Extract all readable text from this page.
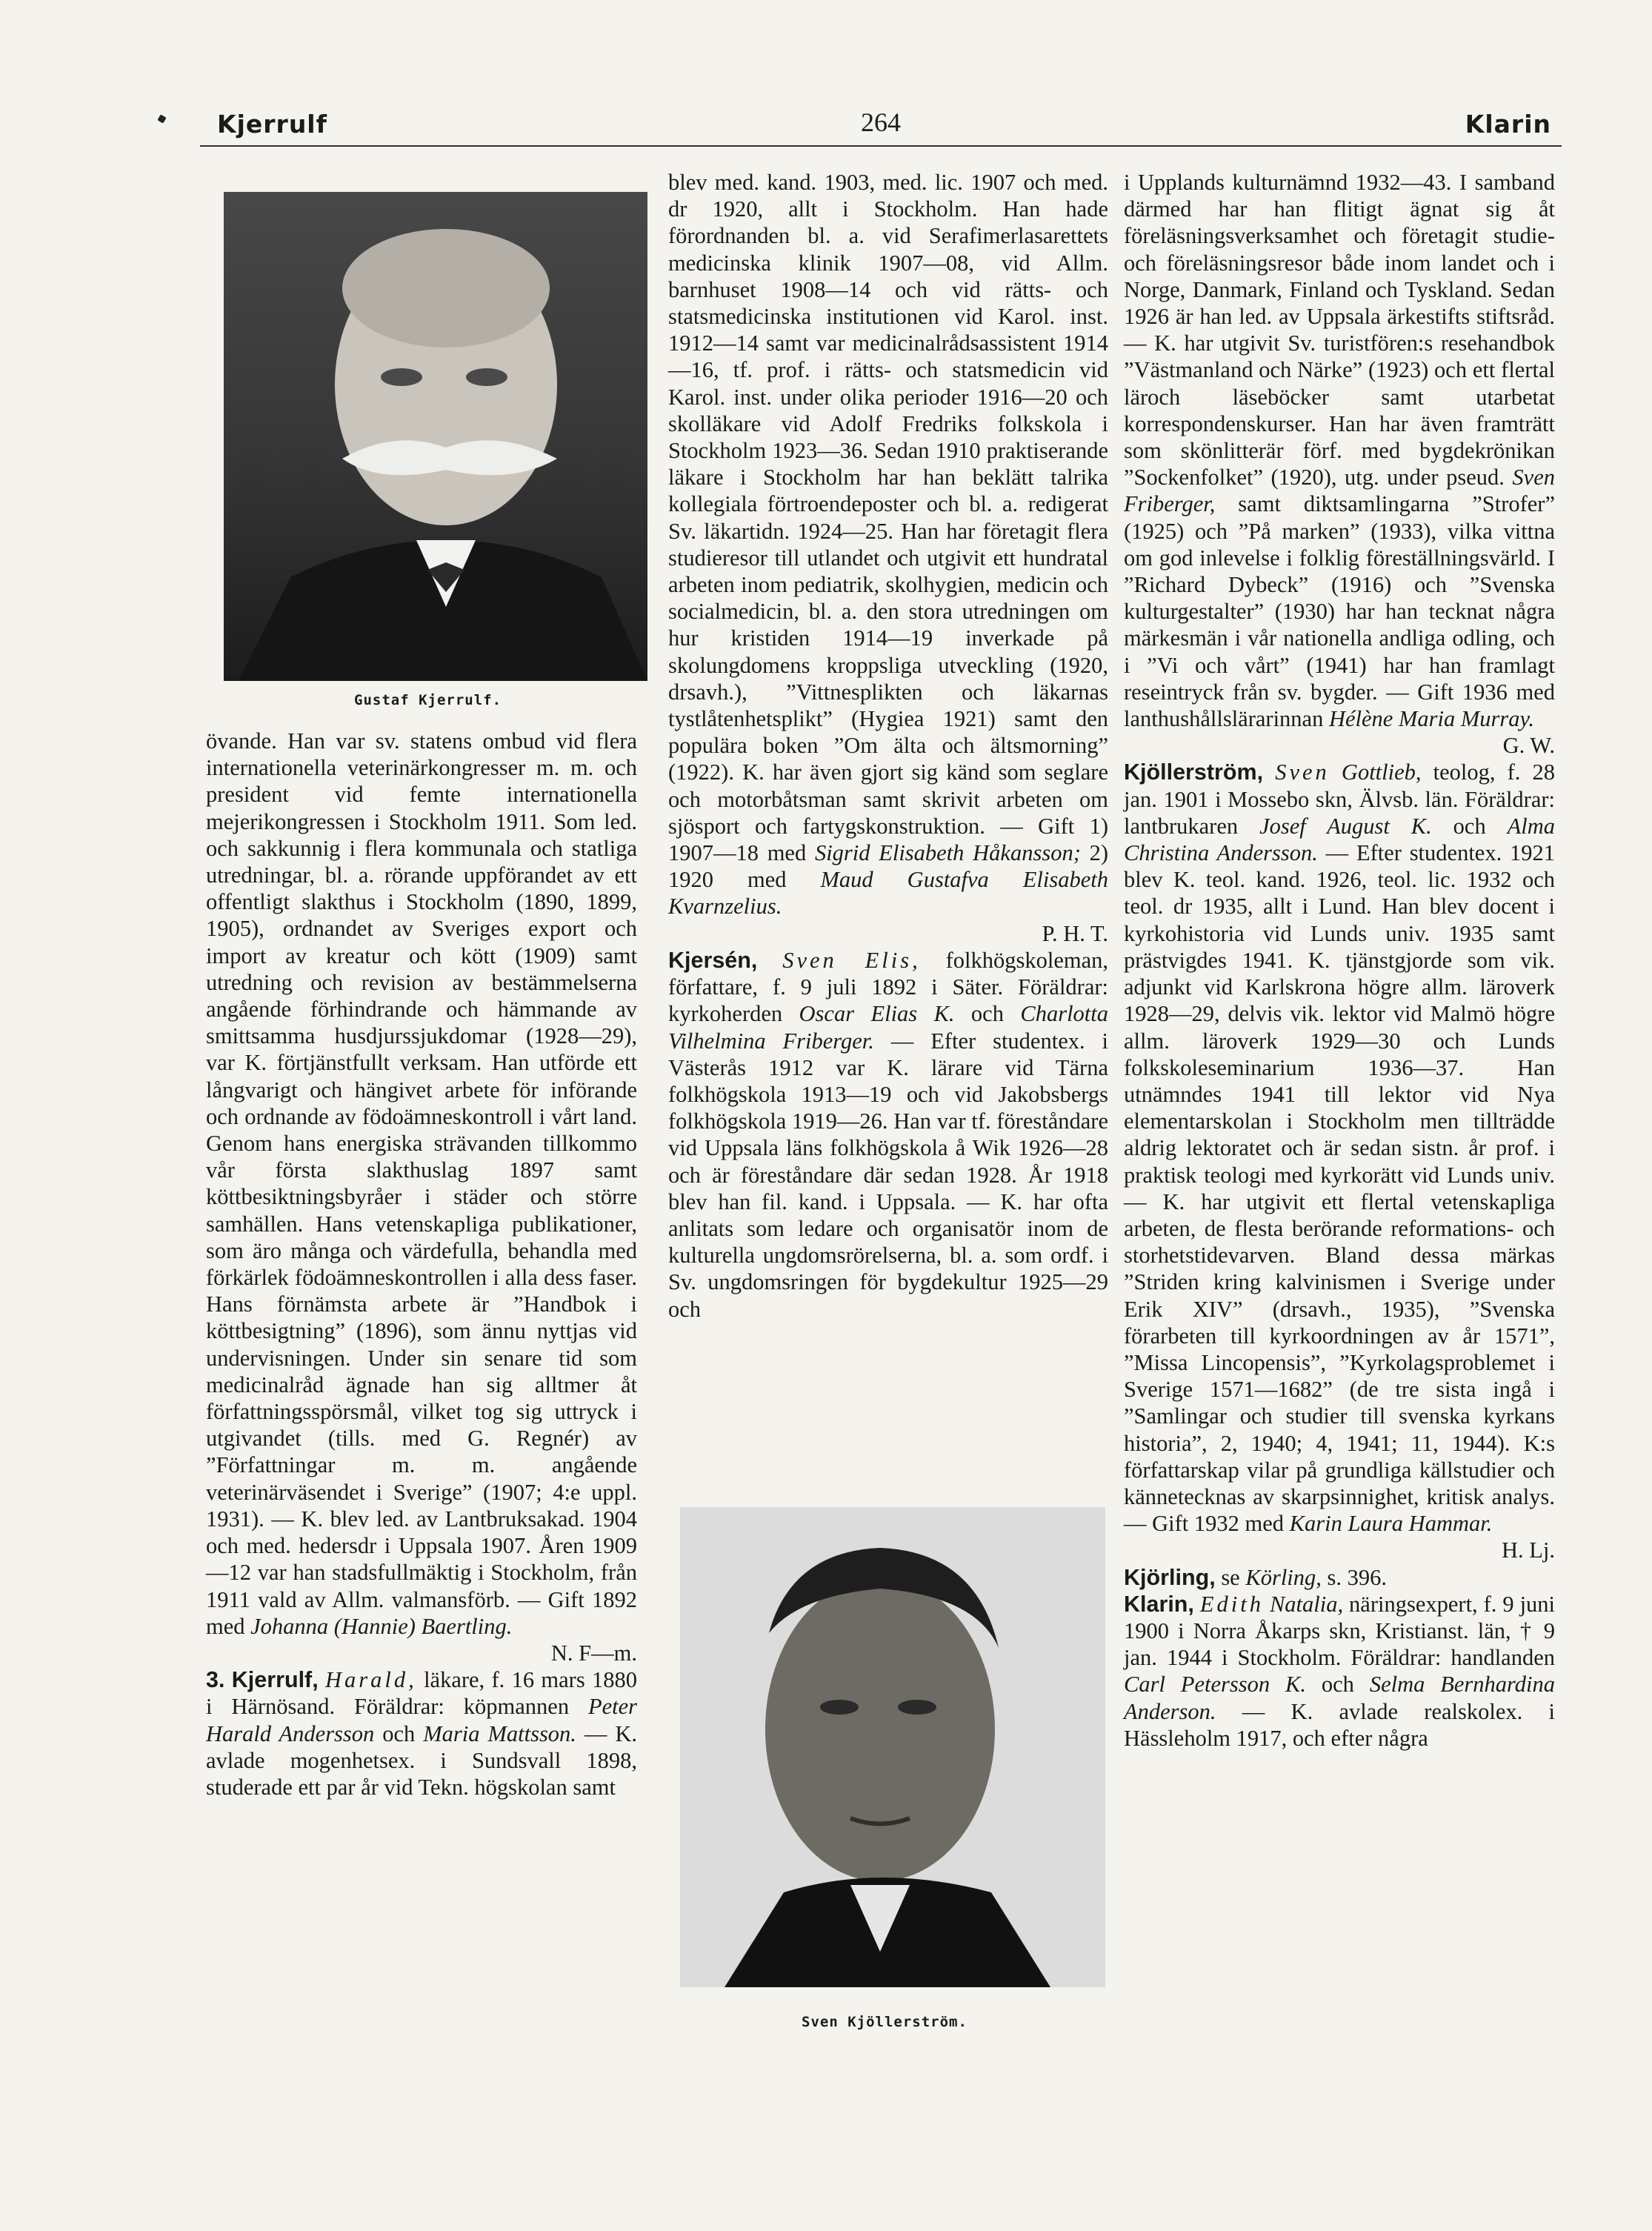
Kjerrulf	264	Klarin
Gustaf Kjerrulf.

övande. Han var sv. statens ombud vid flera internationella veterinärkongresser m. m. och president vid femte internationella mejerikongressen i Stockholm 1911. Som led. och sakkunnig i flera kommunala och statliga utredningar, bl. a. rörande uppförandet av ett offentligt slakthus i Stockholm (1890, 1899, 1905), ordnandet av Sveriges export och import av kreatur och kött (1909) samt utredning och revision av bestämmelserna angående förhindrande och hämmande av smittsamma husdjurssjukdomar (1928—29), var K. förtjänstfullt verksam. Han utförde ett långvarigt och hängivet arbete för införande och ordnande av födoämneskontroll i vårt land. Genom hans energiska strävanden tillkommo vår första slakthuslag 1897 samt köttbesiktningsbyråer i städer och större samhällen. Hans vetenskapliga publikationer, som äro många och värdefulla, behandla med förkärlek födoämneskontrollen i alla dess faser. Hans förnämsta arbete är ”Handbok i köttbesigtning” (1896), som ännu nyttjas vid undervisningen. Under sin senare tid som medicinalråd ägnade han sig alltmer åt författningsspörsmål, vilket tog sig uttryck i utgivandet (tills. med G. Regnér) av ”Författningar m. m. angående veterinärväsendet i Sverige” (1907; 4:e uppl. 1931). — K. blev led. av Lantbruksakad. 1904 och med. hedersdr i Uppsala 1907. Åren 1909—12 var han stadsfullmäktig i Stockholm, från 1911 vald av Allm. valmansförb. — Gift 1892 med Johanna (Hannie) Baertling.
N. F—m.

3. Kjerrulf, Harald, läkare, f. 16 mars 1880 i Härnösand. Föräldrar: köpmannen Peter Harald Andersson och Maria Mattsson. — K. avlade mogenhetsex. i Sundsvall 1898, studerade ett par år vid Tekn. högskolan samt

blev med. kand. 1903, med. lic. 1907 och med. dr 1920, allt i Stockholm. Han hade förordnanden bl. a. vid Serafimerlasarettets medicinska klinik 1907—08, vid Allm. barnhuset 1908—14 och vid rätts- och statsmedicinska institutionen vid Karol. inst. 1912—14 samt var medicinalrådsassistent 1914—16, tf. prof. i rätts- och statsmedicin vid Karol. inst. under olika perioder 1916—20 och skolläkare vid Adolf Fredriks folkskola i Stockholm 1923—36. Sedan 1910 praktiserande läkare i Stockholm har han beklätt talrika kollegiala förtroendeposter och bl. a. redigerat Sv. läkartidn. 1924—25. Han har företagit flera studieresor till utlandet och utgivit ett hundratal arbeten inom pediatrik, skolhygien, medicin och socialmedicin, bl. a. den stora utredningen om hur kristiden 1914—19 inverkade på skolungdomens kroppsliga utveckling (1920, drsavh.), ”Vittnesplikten och läkarnas tystlåtenhetsplikt” (Hygiea 1921) samt den populära boken ”Om älta och ältsmorning” (1922). K. har även gjort sig känd som seglare och motorbåtsman samt skrivit arbeten om sjösport och fartygskonstruktion. — Gift 1) 1907—18 med Sigrid Elisabeth Håkansson; 2) 1920 med Maud Gustafva Elisabeth Kvarnzelius.
P. H. T.

Kjersén, Sven Elis, folkhögskoleman, författare, f. 9 juli 1892 i Säter. Föräldrar: kyrkoherden Oscar Elias K. och Charlotta Vilhelmina Friberger. — Efter studentex. i Västerås 1912 var K. lärare vid Tärna folkhögskola 1913—19 och vid Jakobsbergs folkhögskola 1919—26. Han var tf. föreståndare vid Uppsala läns folkhögskola å Wik 1926—28 och är föreståndare där sedan 1928. År 1918 blev han fil. kand. i Uppsala. — K. har ofta anlitats som ledare och organisatör inom de kulturella ungdomsrörelserna, bl. a. som ordf. i Sv. ungdomsringen för bygdekultur 1925—29 och

Sven Kjöllerström.

i Upplands kulturnämnd 1932—43. I samband därmed har han flitigt ägnat sig åt föreläsningsverksamhet och företagit studie- och föreläsningsresor både inom landet och i Norge, Danmark, Finland och Tyskland. Sedan 1926 är han led. av Uppsala ärkestifts stiftsråd. — K. har utgivit Sv. turistfören:s resehandbok ”Västmanland och Närke” (1923) och ett flertal läroch läseböcker samt utarbetat korrespondenskurser. Han har även framträtt som skönlitterär förf. med bygdekrönikan ”Sockenfolket” (1920), utg. under pseud. Sven Friberger, samt diktsamlingarna ”Strofer” (1925) och ”På marken” (1933), vilka vittna om god inlevelse i folklig föreställningsvärld. I ”Richard Dybeck” (1916) och ”Svenska kulturgestalter” (1930) har han tecknat några märkesmän i vår nationella andliga odling, och i ”Vi och vårt” (1941) har han framlagt reseintryck från sv. bygder. — Gift 1936 med lanthushållslärarinnan Hélène Maria Murray.
G. W.

Kjöllerström, Sven Gottlieb, teolog, f. 28 jan. 1901 i Mossebo skn, Älvsb. län. Föräldrar: lantbrukaren Josef August K. och Alma Christina Andersson. — Efter studentex. 1921 blev K. teol. kand. 1926, teol. lic. 1932 och teol. dr 1935, allt i Lund. Han blev docent i kyrkohistoria vid Lunds univ. 1935 samt prästvigdes 1941. K. tjänstgjorde som vik. adjunkt vid Karlskrona högre allm. läroverk 1928—29, delvis vik. lektor vid Malmö högre allm. läroverk 1929—30 och Lunds folkskoleseminarium 1936—37. Han utnämndes 1941 till lektor vid Nya elementarskolan i Stockholm men tillträdde aldrig lektoratet och är sedan sistn. år prof. i praktisk teologi med kyrkorätt vid Lunds univ. — K. har utgivit ett flertal vetenskapliga arbeten, de flesta berörande reformations- och storhetstidevarven. Bland dessa märkas ”Striden kring kalvinismen i Sverige under Erik XIV” (drsavh., 1935), ”Svenska förarbeten till kyrkoordningen av år 1571”, ”Missa Lincopensis”, ”Kyrkolagsproblemet i Sverige 1571—1682” (de tre sista ingå i ”Samlingar och studier till svenska kyrkans historia”, 2, 1940; 4, 1941; 11, 1944). K:s författarskap vilar på grundliga källstudier och kännetecknas av skarpsinnighet, kritisk analys. — Gift 1932 med Karin Laura Hammar.
H. Lj.

Kjörling, se Körling, s. 396.

Klarin, Edith Natalia, näringsexpert, f. 9 juni 1900 i Norra Åkarps skn, Kristianst. län, † 9 jan. 1944 i Stockholm. Föräldrar: handlanden Carl Petersson K. och Selma Bernhardina Anderson. — K. avlade realskolex. i Hässleholm 1917, och efter några
